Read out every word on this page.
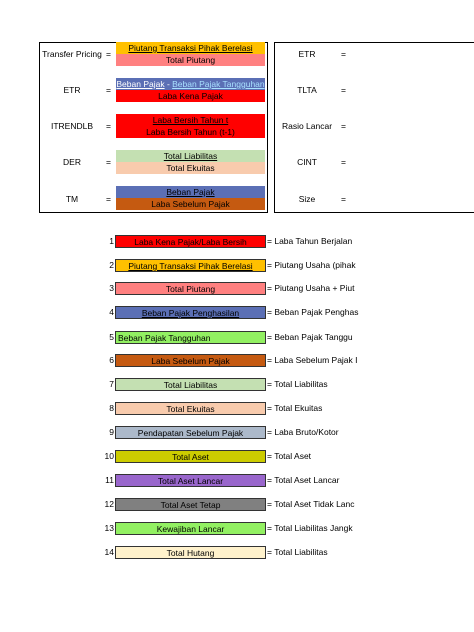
Transfer Pricing =
Piutang Transaksi Pihak Berelasi
Total Piutang
ETR	=
Beban Pajak - Beban Pajak Tangguhan
Laba Kena Pajak
ITRENDLB	=
Laba Bersih Tahun t
Laba Bersih Tahun (t-1)
DER	=
Total Liabilitas
Total Ekuitas
TM	=
Beban Pajak
Laba Sebelum Pajak
ETR	=
TLTA	=
Rasio Lancar	=
CINT	=
Size	=
1	Laba Kena Pajak/Laba Bersih	= Laba Tahun Berjalan
2	Piutang Transaksi Pihak Berelasi	= Piutang Usaha (pihak
3	Total Piutang	= Piutang Usaha + Piut
4	Beban Pajak Penghasilan	= Beban Pajak Penghas
5 Beban Pajak Tangguhan	= Beban Pajak Tanggu
6	Laba Sebelum Pajak	= Laba Sebelum Pajak I
7	Total Liabilitas	= Total Liabilitas
8	Total Ekuitas	= Total Ekuitas
9	Pendapatan Sebelum Pajak	= Laba Bruto/Kotor
10	Total Aset	= Total Aset
11	Total Aset Lancar	= Total Aset Lancar
12	Total Aset Tetap	= Total Aset Tidak Lanc
13	Kewajiban Lancar	= Total Liabilitas Jangk
14	Total Hutang	= Total Liabilitas
